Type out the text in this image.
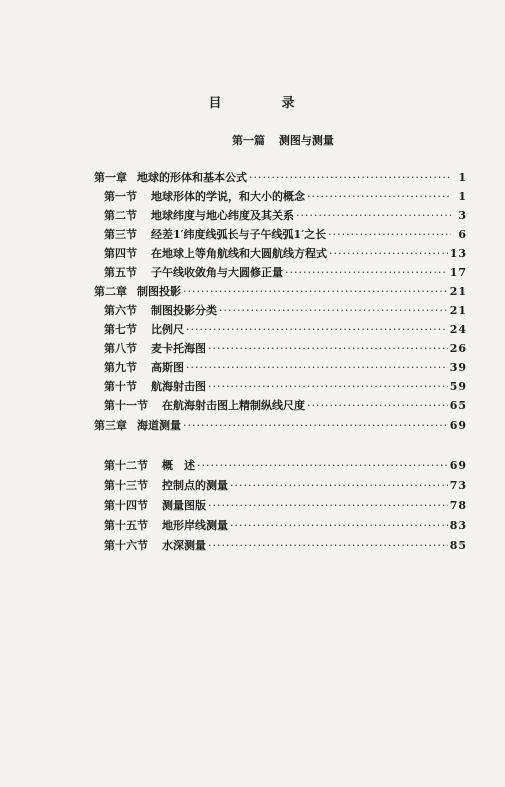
目	录
第一篇 测图与测量
第一章 地球的形体和基本公式 ·····	1
第一节 地球形体的学说，和大小的概念 ·····	1
第二节 地球纬度与地心纬度及其关系 ·····	3
第三节 经差1′纬度线弧长与子午线弧1′之长 ·····	6
第四节 在地球上等角航线和大圆航线方程式 ·····	13
第五节 子午线收敛角与大圆修正量 ·····	17
第二章 制图投影 ·····	21
第六节 制图投影分类 ·····	21
第七节 比例尺 ·····	24
第八节 麦卡托海图 ·····	26
第九节 高斯图 ·····	39
第十节 航海射击图 ·····	59
第十一节 在航海射击图上精制纵线尺度 ·····	65
第三章 海道测量 ·····	69
第十二节 概　述 ·····	69
第十三节 控制点的测量 ·····	73
第十四节 测量图版 ·····	78
第十五节 地形岸线测量 ·····	83
第十六节 水深测量 ·····	85
